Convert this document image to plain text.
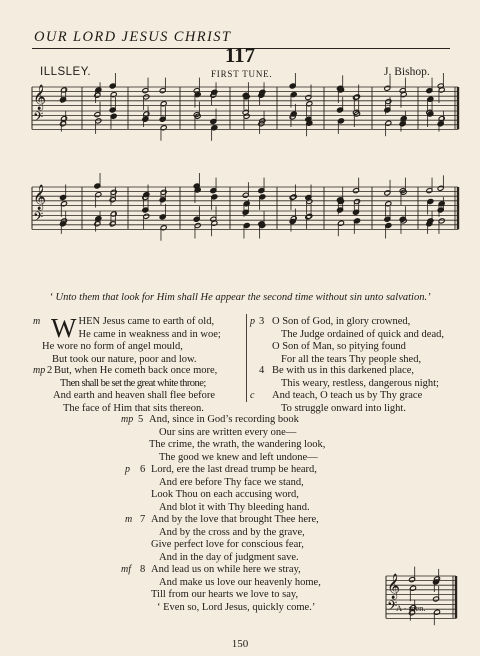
OUR LORD JESUS CHRIST
117
ILLSLEY.	FIRST TUNE.	J. Bishop.
𝄞
𝄢
𝄞
𝄢
‘ Unto them that look for Him shall He appear the second time without sin unto salvation.’
m W HEN Jesus came to earth of old,
He came in weakness and in woe;
He wore no form of angel mould,
But took our nature, poor and low.
mp 2 But, when He cometh back once more,
Then shall be set the great white throne;
And earth and heaven shall flee before
The face of Him that sits thereon.
p 3 O Son of God, in glory crowned,
The Judge ordained of quick and dead,
O Son of Man, so pitying found
For all the tears Thy people shed,
4
c
Be with us in this darkened place,
This weary, restless, dangerous night;
And teach, O teach us by Thy grace
To struggle onward into light.
mp 5 And, since in God’s recording book
Our sins are written every one—
The crime, the wrath, the wandering look,
The good we knew and left undone—
p 6 Lord, ere the last dread trump be heard,
And ere before Thy face we stand,
Look Thou on each accusing word,
And blot it with Thy bleeding hand.
m 7 And by the love that brought Thee here,
And by the cross and by the grave,
Give perfect love for conscious fear,
And in the day of judgment save.
mf 8 And lead us on while here we stray,
And make us love our heavenly home,
Till from our hearts we love to say,
‘ Even so, Lord Jesus, quickly come.’
𝄞
𝄢
A - men.
150
